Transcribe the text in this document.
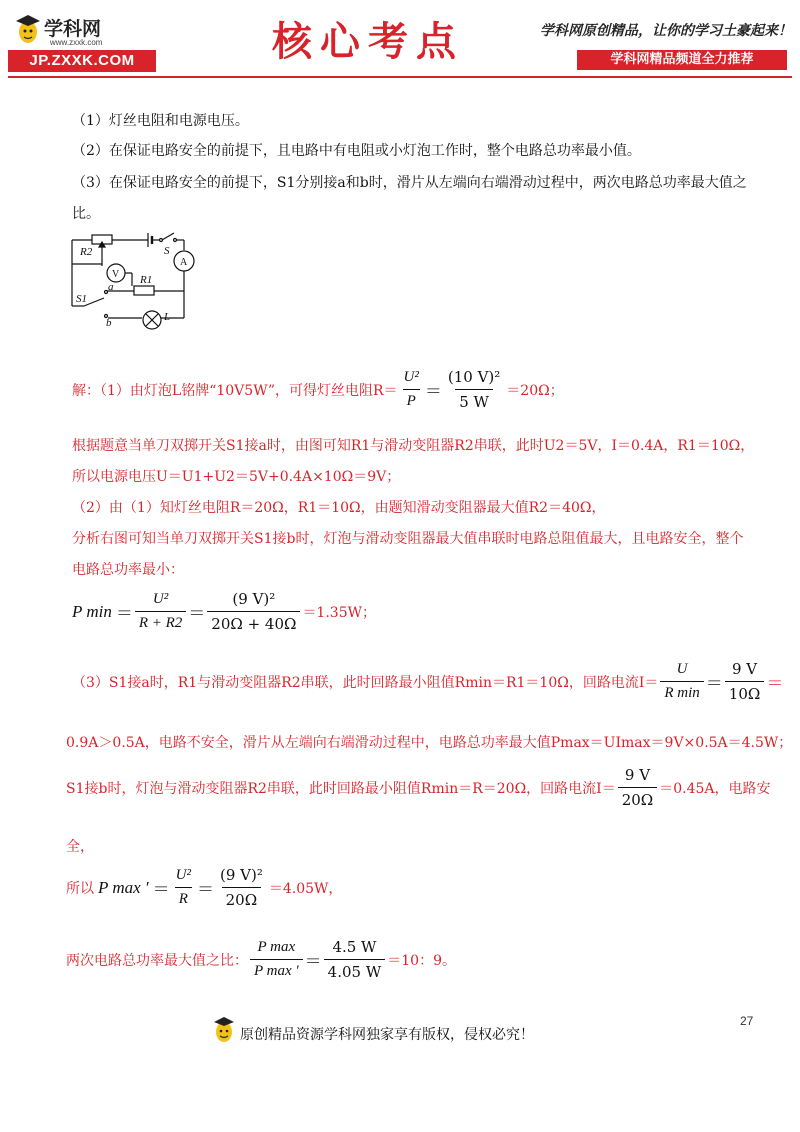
学科网
www.zxxk.com
JP.ZXXK.COM	核心考点	学科网原创精品，让你的学习土豪起来！
学科网精品频道全力推荐
（1）灯丝电阻和电源电压。
（2）在保证电路安全的前提下，且电路中有电阻或小灯泡工作时，整个电路总功率最小值。
（3）在保证电路安全的前提下，S1分别接a和b时，滑片从左端向右端滑动过程中，两次电路总功率最大值之
比。
R2	S
V
A
R1
a
S1
b	L
解：（1）由灯泡L铭牌“10V5W”，可得灯丝电阻$R= \frac{\text{U²}}{P} = \frac{\text{(10 V)²}}{5 W} =20\Omega$；
根据题意当单刀双掷开关S1接a时，由图可知R1与滑动变阻器R2串联，此时U2＝5V，I＝0.4A，R1＝10Ω，
所以电源电压U＝U1+U2＝5V+0.4A×10Ω＝9V；
（2）由（1）知灯丝电阻R＝20Ω，R1＝10Ω，由题知滑动变阻器最大值R2＝40Ω，
分析右图可知当单刀双掷开关S1接b时，灯泡与滑动变阻器最大值串联时电路总阻值最大，且电路安全，整个
电路总功率最小：
P $\min = \frac{\text{U²}}{R + R2} = \frac{\text{(9 V)²}}{20\Omega + 40\Omega} =1.35W$；
（3）S1接a时，R1与滑动变阻器R2串联，此时回路最小阻值Rmin＝R1＝10Ω，回路电流$I= \frac{U}{\text{R min}} = \frac{9 V}{10\Omega}$ ＝
0.9A＞0.5A，电路不安全，滑片从左端向右端滑动过程中，电路总功率最大值Pmax＝UImax＝9V×0.5A＝4.5W；
S1接b时，灯泡与滑动变阻器R2串联，此时回路最小阻值Rmin＝R＝20Ω，回路电流$I= \frac{9 V}{20\Omega} =0.45A$，电路安
全，
所以 P max ′ ＝ $\frac{\text{U²}}{R} = \frac{\text{(9 V)²}}{20\Omega} =4.05W$，
两次电路总功率最大值之比： $\frac{\text{P max}}{\text{P max ′}} = \frac{4.5 W}{4.05 W} =10$：9。
27
原创精品资源学科网独家享有版权，侵权必究！
